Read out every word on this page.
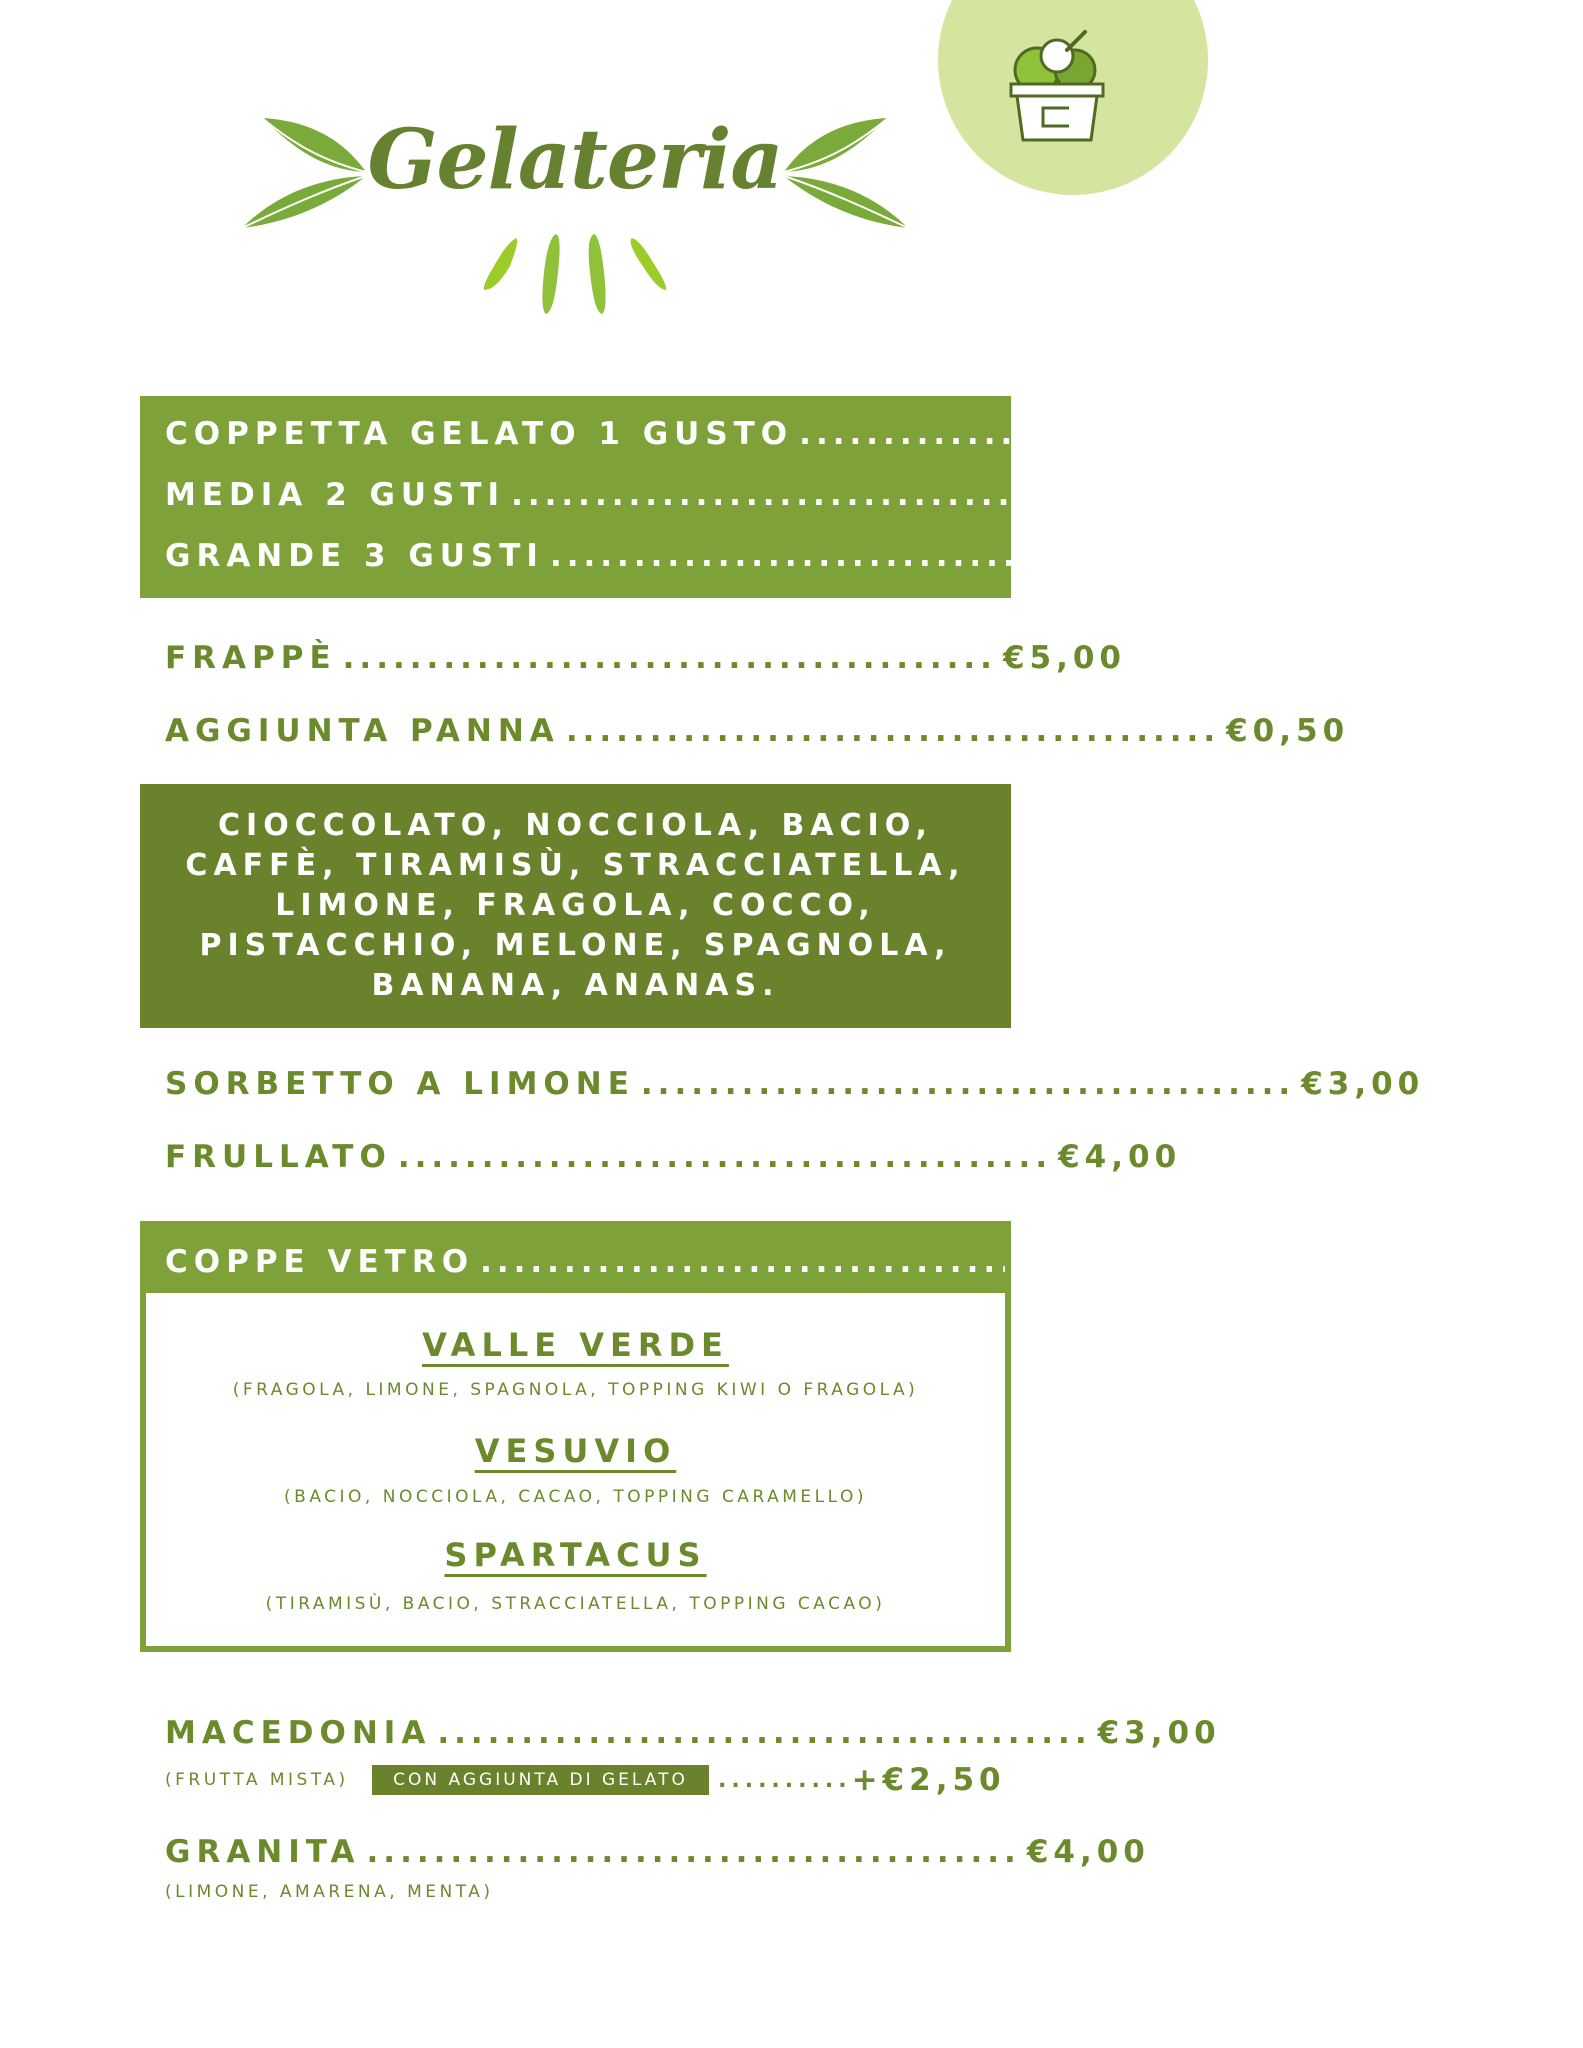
Gelateria
COPPETTA GELATO 1 GUSTO ....................................... €1,50
MEDIA 2 GUSTI ....................................... €2,50
GRANDE 3 GUSTI ....................................... €3,50
FRAPPÈ ....................................... €5,00
AGGIUNTA PANNA ....................................... €0,50
CIOCCOLATO, NOCCIOLA, BACIO,
CAFFÈ, TIRAMISÙ, STRACCIATELLA,
LIMONE, FRAGOLA, COCCO,
PISTACCHIO, MELONE, SPAGNOLA,
BANANA, ANANAS.
SORBETTO A LIMONE ....................................... €3,00
FRULLATO ....................................... €4,00
COPPE VETRO ....................................... €6,50
VALLE VERDE
(FRAGOLA, LIMONE, SPAGNOLA, TOPPING KIWI O FRAGOLA)
VESUVIO
(BACIO, NOCCIOLA, CACAO, TOPPING CARAMELLO)
SPARTACUS
(TIRAMISÙ, BACIO, STRACCIATELLA, TOPPING CACAO)
MACEDONIA ....................................... €3,00
(FRUTTA MISTA)	CON AGGIUNTA DI GELATO	.......... +€2,50
GRANITA ....................................... €4,00
(LIMONE, AMARENA, MENTA)
